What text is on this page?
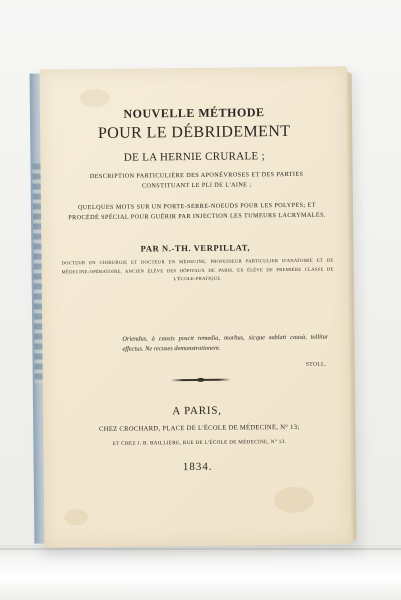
NOUVELLE MÉTHODE
POUR LE DÉBRIDEMENT
DE LA HERNIE CRURALE ;
DESCRIPTION PARTICULIÈRE DES APONÉVROSES ET DES PARTIES CONSTITUANT LE PLI DE L'AINE ;
QUELQUES MOTS SUR UN PORTE-SERRE-NOEUDS POUR LES POLYPES; ET PROCÉDÉ SPÉCIAL POUR GUÉRIR PAR INJECTION LES TUMEURS LACRYMALES.
PAR N.-TH. VERPILLAT,
DOCTEUR EN CHIRURGIE ET DOCTEUR EN MÉDECINE, PROFESSEUR PARTICULIER D'ANATOMIE ET DE MÉDECINE-OPÉRATOIRE, ANCIEN ÉLÈVE DES HÔPITAUX DE PARIS, EX ÉLÈVE DE PREMIÈRE CLASSE DE L'ÉCOLE-PRATIQUE.
Oriendus, à causis poscit remedia, morbus, sicque sublati causà, tollitur effectus. Ne recuses demonstrationem.
STOLL.
A PARIS,
CHEZ CROCHARD, PLACE DE L'ÉCOLE DE MÉDECINE, N° 13;
ET CHEZ J. B. BAILLIÈRE, RUE DE L'ÉCOLE DE MÉDECINE, N° 13.
1834.
